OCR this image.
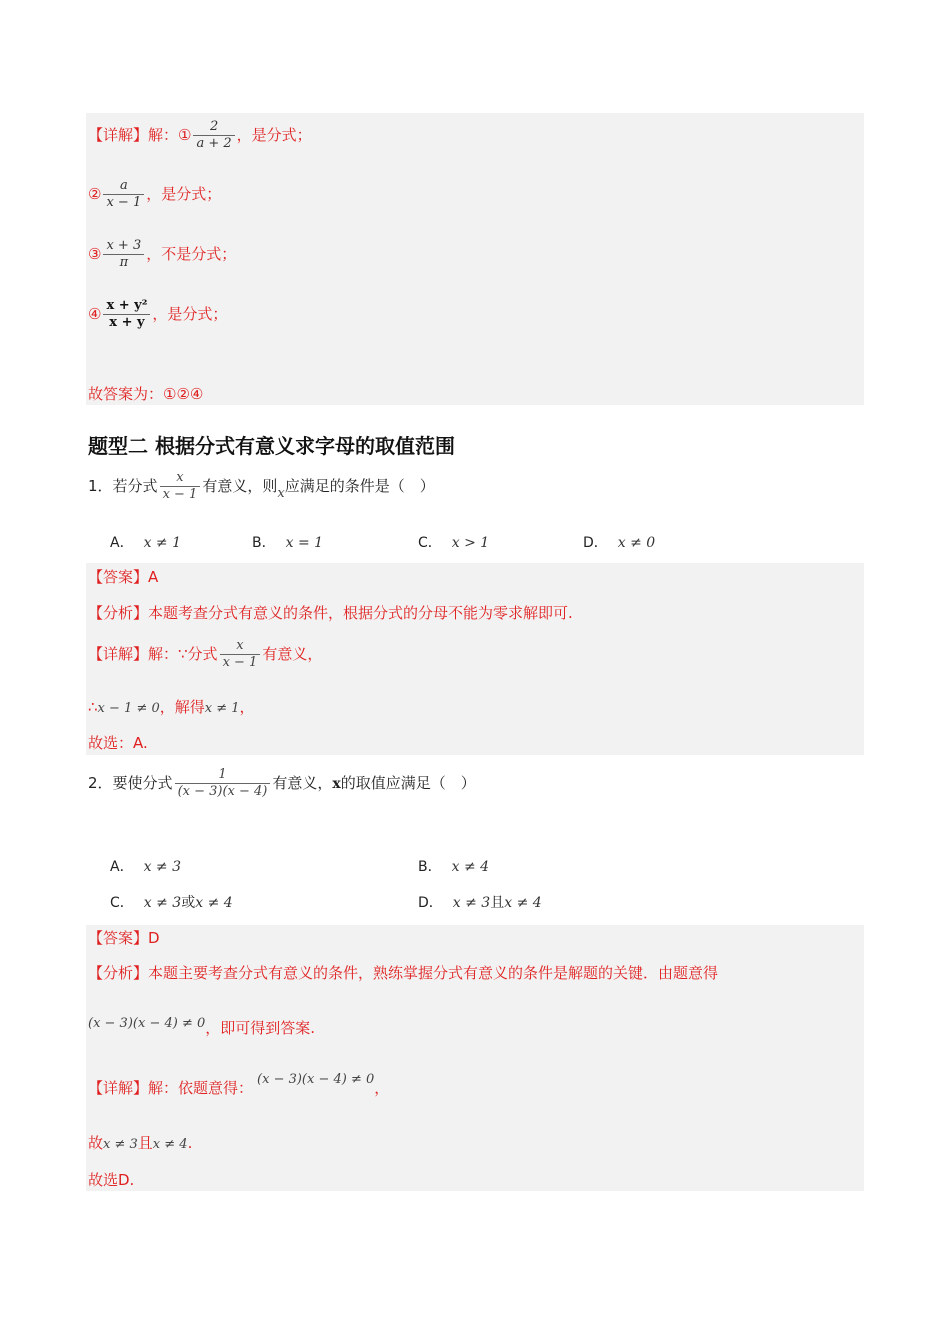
【详解】解：① $\frac{2}{a + 2}$ ，是分式；
② $\frac{a}{x - 1}$ ，是分式；
③ $\frac{x + 3}{\pi}$ ，不是分式；
④ $\frac{\text{x + y²}}{x + y}$ ，是分式；
故答案为：①②④
题型二 根据分式有意义求字母的取值范围
1．若分式 $\frac{x}{x - 1}$ 有意义，则x应满足的条件是（　）
A． x ≠ 1	B． x = 1	C． x > 1	D． x ≠ 0
【答案】A
【分析】本题考查分式有意义的条件，根据分式的分母不能为零求解即可.
【详解】解：∵分式 $\frac{x}{x - 1}$ 有意义，
∴x − 1 ≠ 0，解得x ≠ 1，
故选：A.
2．要使分式 $\frac{1}{(x - 3)(x - 4)}$ 有意义，x的取值应满足（　）
A． x ≠ 3	B． x ≠ 4
C． x ≠ 3或x ≠ 4	D． x ≠ 3且x ≠ 4
【答案】D
【分析】本题主要考查分式有意义的条件，熟练掌握分式有意义的条件是解题的关键．由题意得
(x − 3)(x − 4) ≠ 0，即可得到答案.
【详解】解：依题意得： (x − 3)(x − 4) ≠ 0，
故x ≠ 3且x ≠ 4.
故选D.
